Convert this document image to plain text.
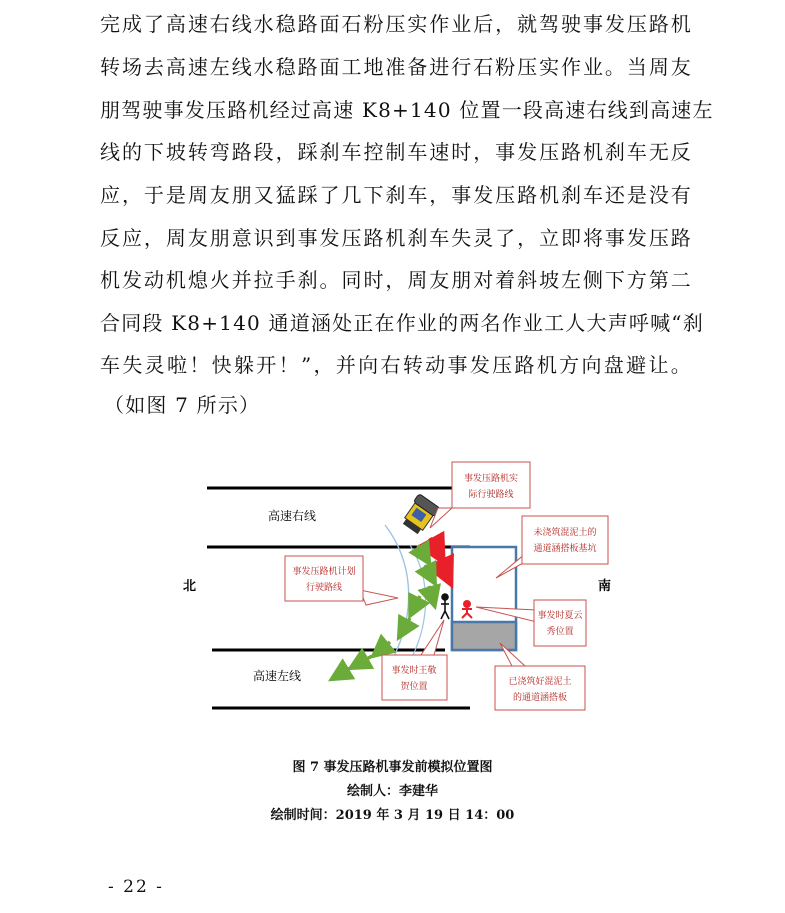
完成了高速右线水稳路面石粉压实作业后，就驾驶事发压路机
转场去高速左线水稳路面工地准备进行石粉压实作业。当周友
朋驾驶事发压路机经过高速 K8+140 位置一段高速右线到高速左
线的下坡转弯路段，踩刹车控制车速时，事发压路机刹车无反
应，于是周友朋又猛踩了几下刹车，事发压路机刹车还是没有
反应，周友朋意识到事发压路机刹车失灵了，立即将事发压路
机发动机熄火并拉手刹。同时，周友朋对着斜坡左侧下方第二
合同段 K8+140 通道涵处正在作业的两名作业工人大声呼喊“刹
车失灵啦！快躲开！”，并向右转动事发压路机方向盘避让。
（如图 7 所示）
高速右线
高速左线
北	南
事发压路机实
际行驶路线
事发压路机计划
行驶路线
未浇筑混泥土的
通道涵搭板基坑
事发时夏云
秀位置
事发时王敬
贺位置	已浇筑好混泥土
的通道涵搭板
图 7 事发压路机事发前模拟位置图
绘制人：李建华
绘制时间：2019 年 3 月 19 日 14：00
- 22 -
